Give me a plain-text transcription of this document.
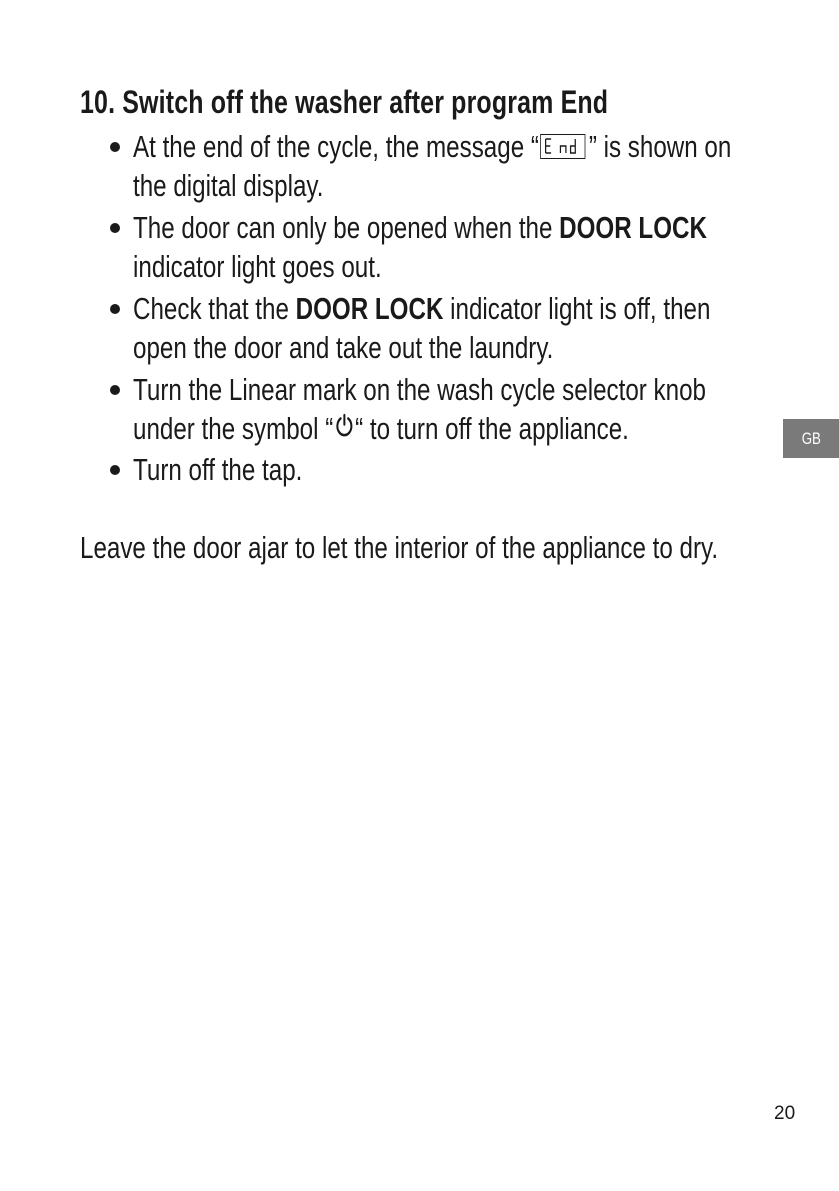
10. Switch off the washer after program End
At the end of the cycle, the message “ ” is shown on
the digital display.
The door can only be opened when the DOOR LOCK
indicator light goes out.
Check that the DOOR LOCK indicator light is off, then
open the door and take out the laundry.
Turn the Linear mark on the wash cycle selector knob
under the symbol “ “ to turn off the appliance.
Turn off the tap.
Leave the door ajar to let the interior of the appliance to dry.
GB
20
